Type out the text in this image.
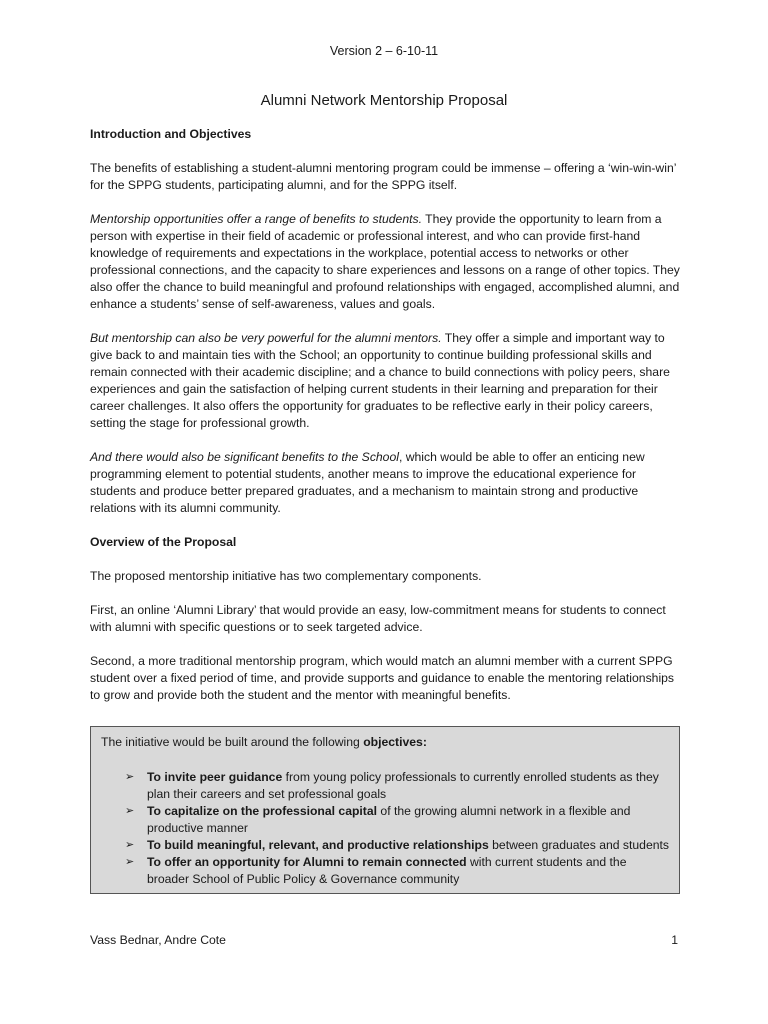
Version 2 – 6-10-11
Alumni Network Mentorship Proposal
Introduction and Objectives

The benefits of establishing a student-alumni mentoring program could be immense – offering a ‘win-win-win’ for the SPPG students, participating alumni, and for the SPPG itself.

Mentorship opportunities offer a range of benefits to students. They provide the opportunity to learn from a person with expertise in their field of academic or professional interest, and who can provide first-hand knowledge of requirements and expectations in the workplace, potential access to networks or other professional connections, and the capacity to share experiences and lessons on a range of other topics. They also offer the chance to build meaningful and profound relationships with engaged, accomplished alumni, and enhance a students’ sense of self-awareness, values and goals.

But mentorship can also be very powerful for the alumni mentors. They offer a simple and important way to give back to and maintain ties with the School; an opportunity to continue building professional skills and remain connected with their academic discipline; and a chance to build connections with policy peers, share experiences and gain the satisfaction of helping current students in their learning and preparation for their career challenges. It also offers the opportunity for graduates to be reflective early in their policy careers, setting the stage for professional growth.

And there would also be significant benefits to the School, which would be able to offer an enticing new programming element to potential students, another means to improve the educational experience for students and produce better prepared graduates, and a mechanism to maintain strong and productive relations with its alumni community.

Overview of the Proposal

The proposed mentorship initiative has two complementary components.

First, an online ‘Alumni Library’ that would provide an easy, low-commitment means for students to connect with alumni with specific questions or to seek targeted advice.

Second, a more traditional mentorship program, which would match an alumni member with a current SPPG student over a fixed period of time, and provide supports and guidance to enable the mentoring relationships to grow and provide both the student and the mentor with meaningful benefits.

The initiative would be built around the following objectives:
➢ To invite peer guidance from young policy professionals to currently enrolled students as they plan their careers and set professional goals
➢ To capitalize on the professional capital of the growing alumni network in a flexible and productive manner
➢ To build meaningful, relevant, and productive relationships between graduates and students
➢ To offer an opportunity for Alumni to remain connected with current students and the broader School of Public Policy & Governance community
Vass Bednar, Andre Cote	1
